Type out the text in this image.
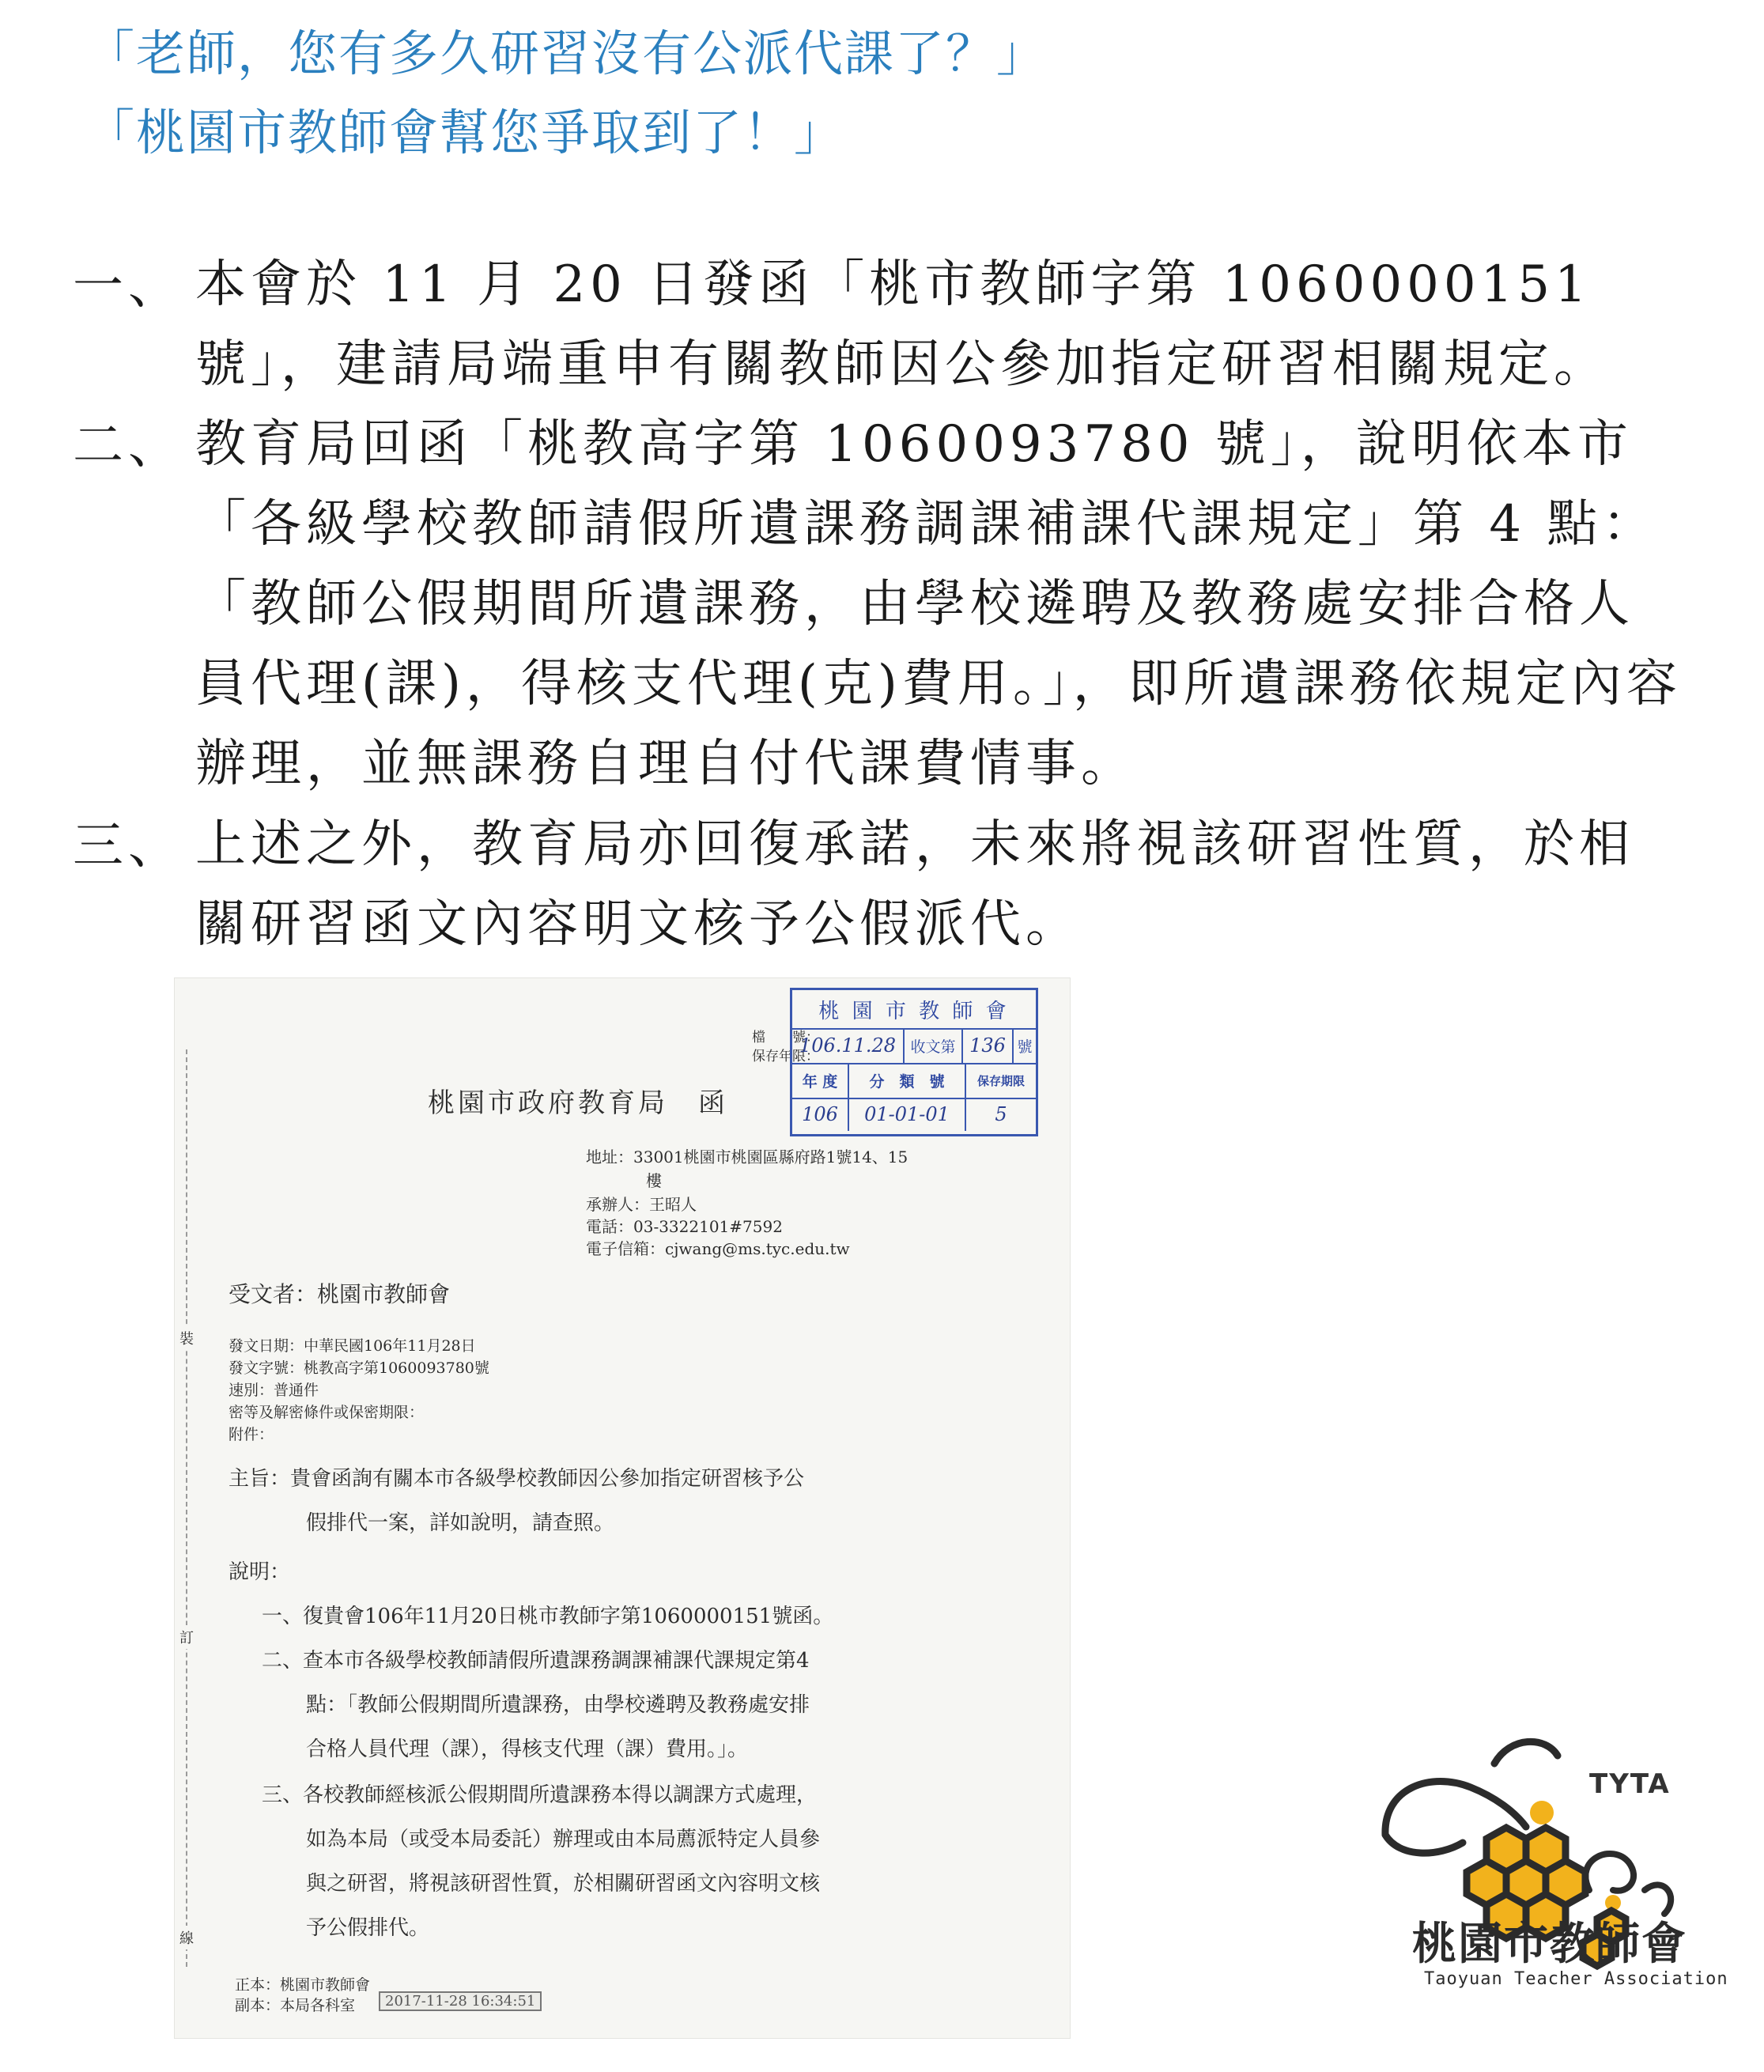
「老師，您有多久研習沒有公派代課了？」
「桃園市教師會幫您爭取到了！」
一、 本會於 11 月 20 日發函「桃市教師字第 1060000151 號」，建請局端重申有關教師因公參加指定研習相關規定。
二、 教育局回函「桃教高字第 1060093780 號」，說明依本市「各級學校教師請假所遺課務調課補課代課規定」第 4 點：「教師公假期間所遺課務，由學校遴聘及教務處安排合格人員代理(課)，得核支代理(克)費用。」，即所遺課務依規定內容辦理，並無課務自理自付代課費情事。
三、 上述之外，教育局亦回復承諾，未來將視該研習性質，於相關研習函文內容明文核予公假派代。
裝
訂
線
檔　　號：
保存年限：
桃 園 市 教 師 會
106.11.28 收文第 136 號
年 度	分　類　號	保存期限
106	01-01-01	5
桃園市政府教育局　函
地址：33001桃園市桃園區縣府路1號14、15
樓
承辦人：王昭人
電話：03-3322101#7592
電子信箱：cjwang@ms.tyc.edu.tw
受文者：桃園市教師會
發文日期：中華民國106年11月28日
發文字號：桃教高字第1060093780號
速別：普通件
密等及解密條件或保密期限：
附件：
主旨：貴會函詢有關本市各級學校教師因公參加指定研習核予公
假排代一案，詳如說明，請查照。
說明：
一、復貴會106年11月20日桃市教師字第1060000151號函。
二、查本市各級學校教師請假所遺課務調課補課代課規定第4
點：「教師公假期間所遺課務，由學校遴聘及教務處安排
合格人員代理（課），得核支代理（課）費用。」。
三、各校教師經核派公假期間所遺課務本得以調課方式處理，
如為本局（或受本局委託）辦理或由本局薦派特定人員參
與之研習，將視該研習性質，於相關研習函文內容明文核
予公假排代。
正本：桃園市教師會
副本：本局各科室	2017-11-28 16:34:51
TYTA

桃園市教師會

Taoyuan Teacher Association
